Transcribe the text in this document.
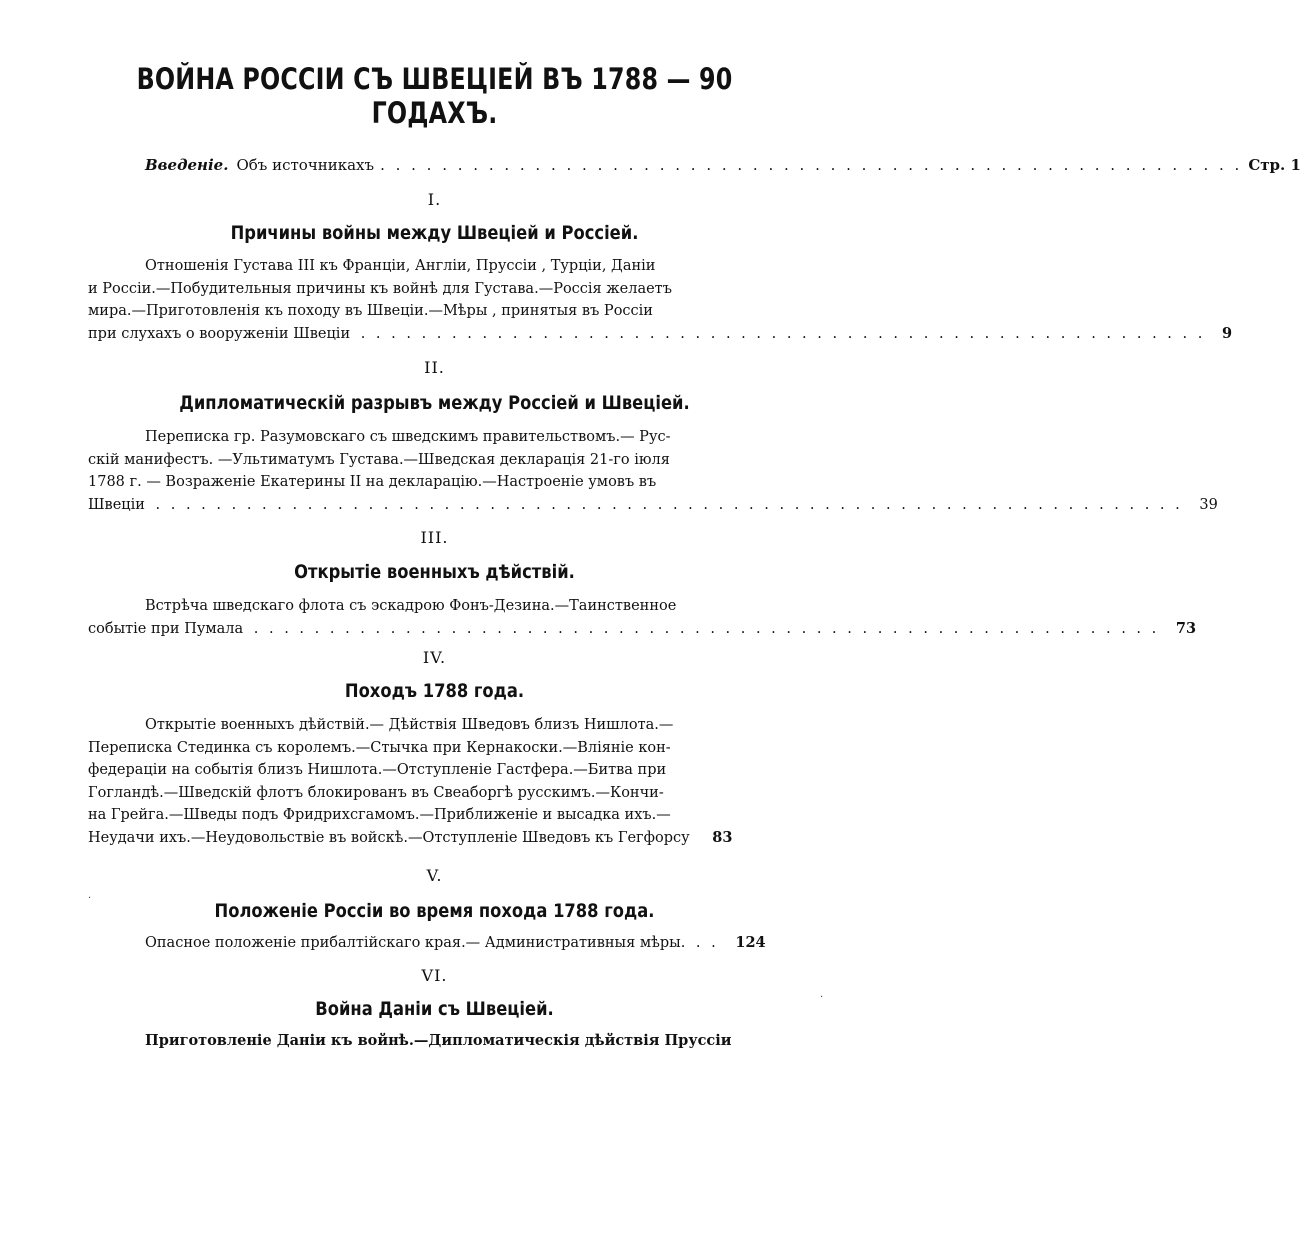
ВОЙНА РОССІИ СЪ ШВЕЦІЕЙ ВЪ 1788 — 90 ГОДАХЪ.
Введеніе. Объ источникахъ . . . . . . . . . . . . . . . . . . . . . . . . . . . . . . . . . . . . . . . . . . . . . . . . . . . . . . . . Стр. 1
I.
Причины войны между Швеціей и Россіей.
Отношенія Густава III къ Франціи, Англіи, Пруссіи , Турціи, Даніи
и Россіи.—Побудительныя причины къ войнѣ для Густава.—Россія желаетъ
мира.—Приготовленія къ походу въ Швеціи.—Мѣры , принятыя въ Россіи
при слухахъ о вооруженіи Швеціи . . . . . . . . . . . . . . . . . . . . . . . . . . . . . . . . . . . . . . . . . . . . . . . . . . . . . . . . 9
II.
Дипломатическій разрывъ между Россіей и Швеціей.
Переписка гр. Разумовскаго съ шведскимъ правительствомъ.— Рус-
скій манифестъ. —Ультиматумъ Густава.—Шведская декларація 21-го іюля
1788 г. — Возраженіе Екатерины II на декларацію.—Настроеніе умовъ въ
Швеціи . . . . . . . . . . . . . . . . . . . . . . . . . . . . . . . . . . . . . . . . . . . . . . . . . . . . . . . . . . . . . . . . . . . . 39
III.
Открытіе военныхъ дѣйствій.
Встрѣча шведскаго флота съ эскадрою Фонъ-Дезина.—Таинственное
событіе при Пумала . . . . . . . . . . . . . . . . . . . . . . . . . . . . . . . . . . . . . . . . . . . . . . . . . . . . . . . . . . . . 73
IV.
Походъ 1788 года.
Открытіе военныхъ дѣйствій.— Дѣйствія Шведовъ близъ Нишлота.—
Переписка Стединка съ королемъ.—Стычка при Кернакоски.—Вліяніе кон-
федераціи на событія близъ Нишлота.—Отступленіе Гастфера.—Битва при
Гогландѣ.—Шведскій флотъ блокированъ въ Свеаборгѣ русскимъ.—Кончи-
на Грейга.—Шведы подъ Фридрихсгамомъ.—Приближеніе и высадка ихъ.—
Неудачи ихъ.—Неудовольствіе въ войскѣ.—Отступленіе Шведовъ къ Гегфорсу 83
V.
Положеніе Россіи во время похода 1788 года.
Опасное положеніе прибалтійскаго края.— Административныя мѣры. . . 124
VI.
Война Даніи съ Швеціей.
Приготовленіе Даніи къ войнѣ.—Дипломатическія дѣйствія Пруссіи
·
·
